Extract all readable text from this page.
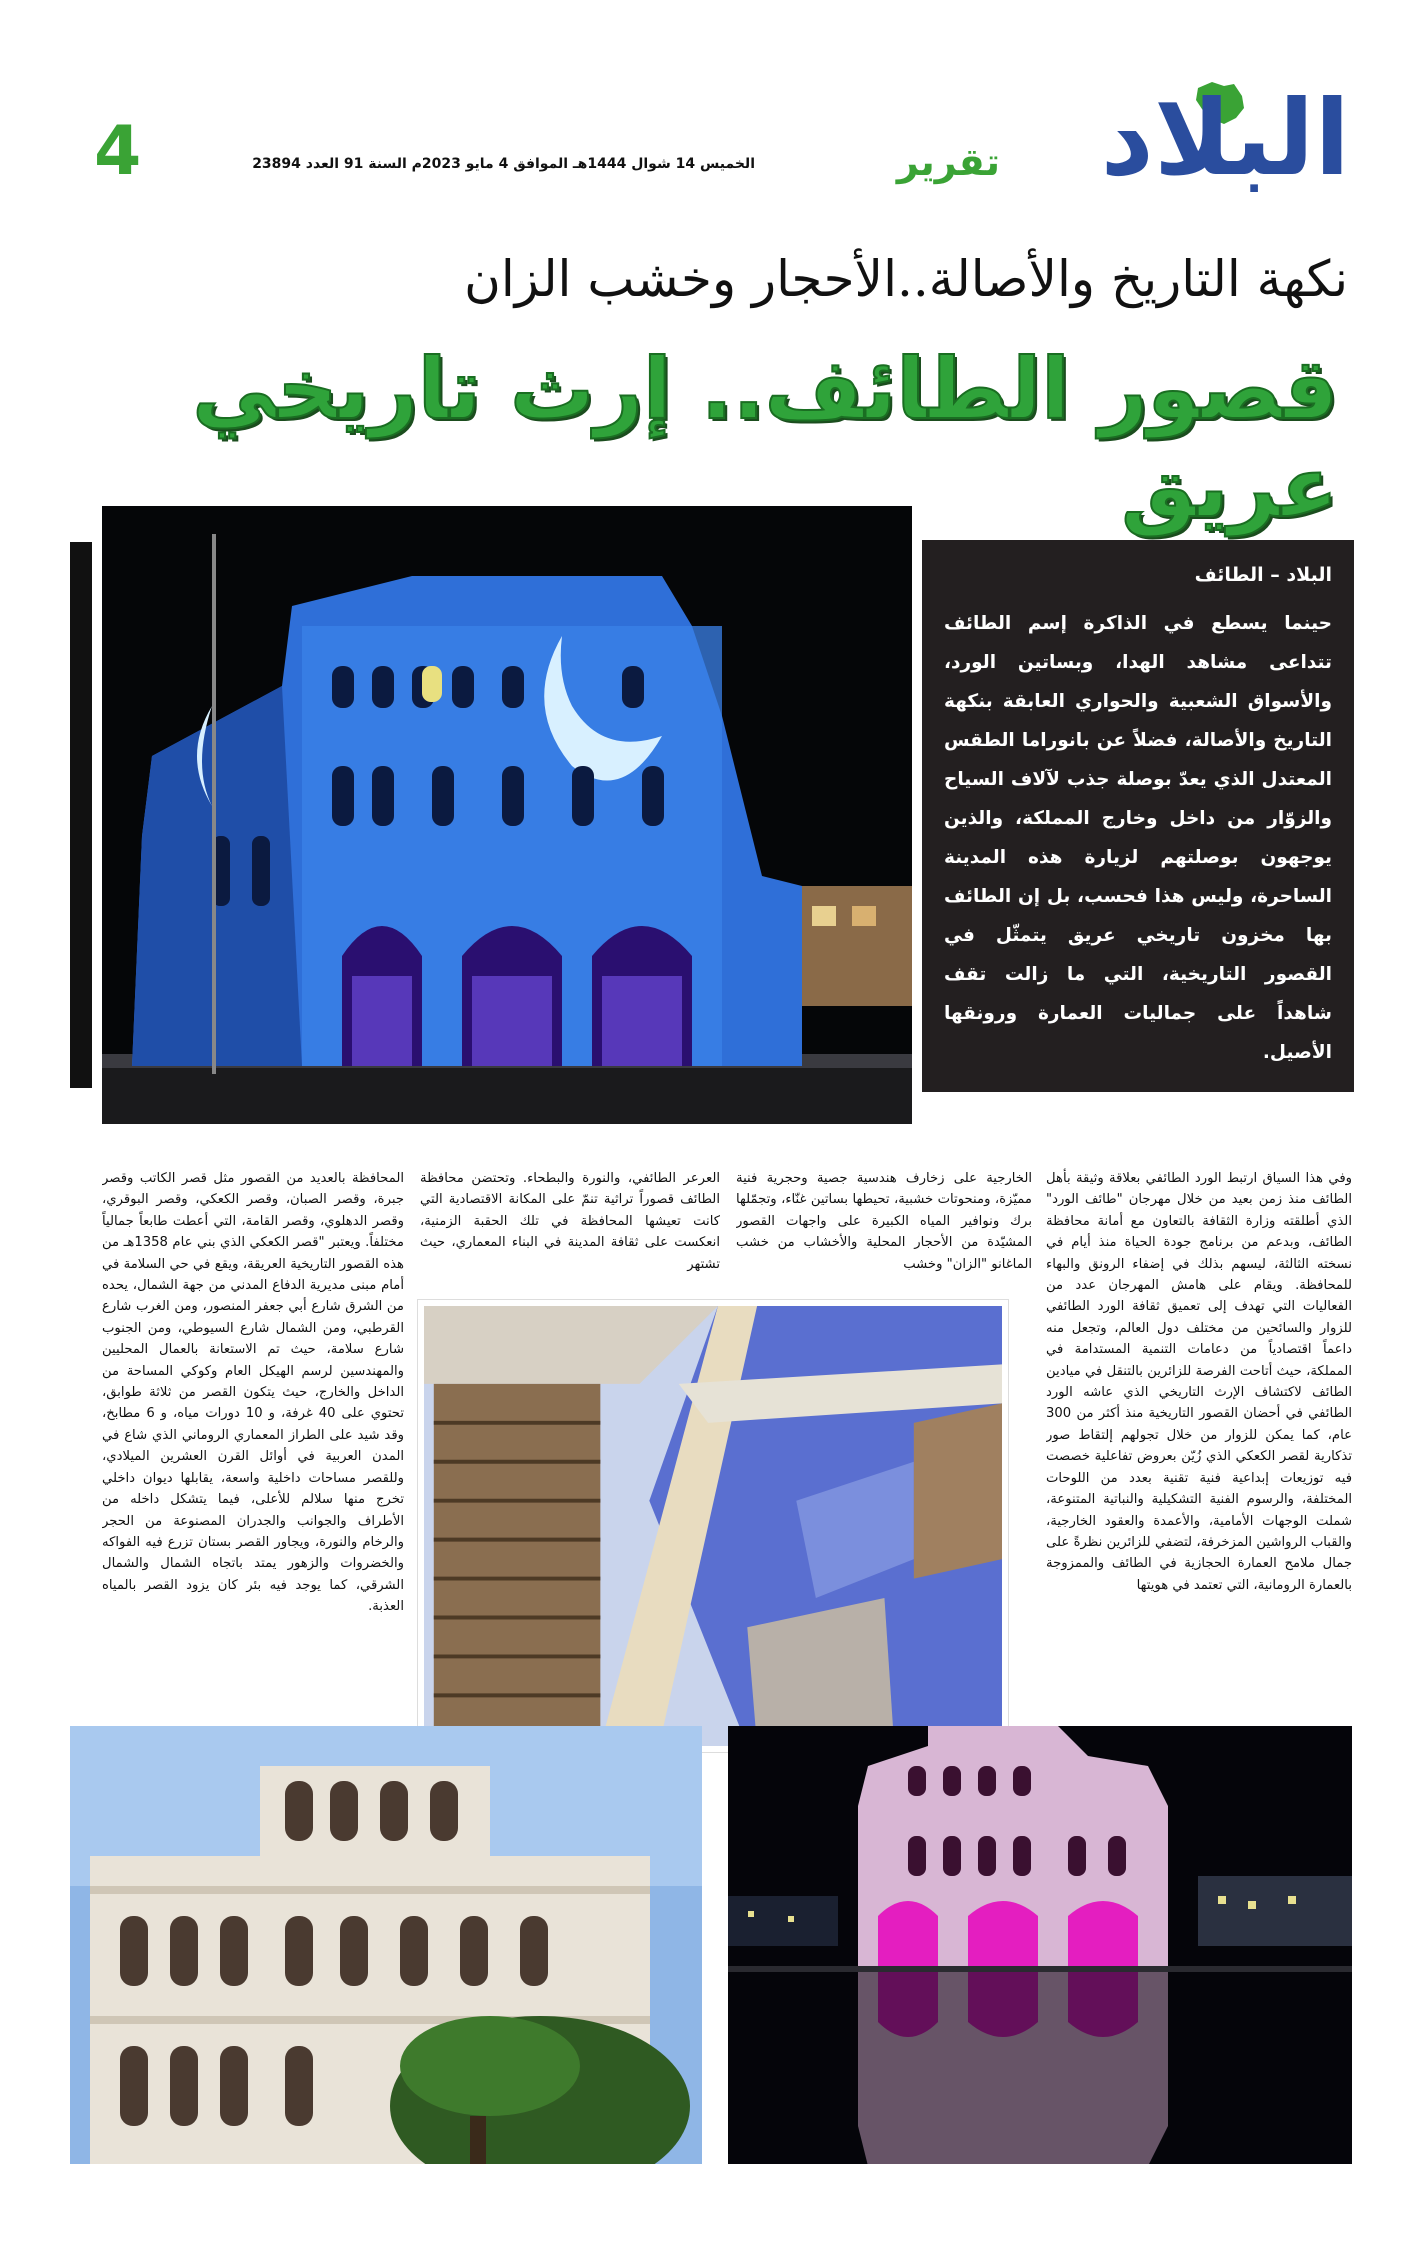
البلاد
تقرير
الخميس 14 شوال 1444هـ الموافق 4 مايو 2023م السنة 91 العدد 23894
4
نكهة التاريخ والأصالة..الأحجار وخشب الزان
قصور الطائف.. إرث تاريخي عريق
البلاد – الطائف
حينما يسطع في الذاكرة إسم الطائف تتداعى مشاهد الهدا، وبساتين الورد، والأسواق الشعبية والحواري العابقة بنكهة التاريخ والأصالة، فضلاً عن بانوراما الطقس المعتدل الذي يعدّ بوصلة جذب لآلاف السياح والزوّار من داخل وخارج المملكة، والذين يوجهون بوصلتهم لزيارة هذه المدينة الساحرة، وليس هذا فحسب، بل إن الطائف بها مخزون تاريخي عريق يتمثّل في القصور التاريخية، التي ما زالت تقف شاهداً على جماليات العمارة ورونقها الأصيل.
وفي هذا السياق ارتبط الورد الطائفي بعلاقة وثيقة بأهل الطائف منذ زمن بعيد من خلال مهرجان "طائف الورد" الذي أطلقته وزارة الثقافة بالتعاون مع أمانة محافظة الطائف، وبدعم من برنامج جودة الحياة منذ أيام في نسخته الثالثة، ليسهم بذلك في إضفاء الرونق والبهاء للمحافظة. ويقام على هامش المهرجان عدد من الفعاليات التي تهدف إلى تعميق ثقافة الورد الطائفي للزوار والسائحين من مختلف دول العالم، وتجعل منه داعماً اقتصادياً من دعامات التنمية المستدامة في المملكة، حيث أتاحت الفرصة للزائرين بالتنقل في ميادين الطائف لاكتشاف الإرث التاريخي الذي عاشه الورد الطائفي في أحضان القصور التاريخية منذ أكثر من 300 عام، كما يمكن للزوار من خلال تجولهم إلتقاط صور تذكارية لقصر الكعكي الذي زُيّن بعروض تفاعلية خصصت فيه توزيعات إبداعية فنية تقنية بعدد من اللوحات المختلفة، والرسوم الفنية التشكيلية والنباتية المتنوعة، شملت الوجهات الأمامية، والأعمدة والعقود الخارجية، والقباب الرواشين المزخرفة، لتضفي للزائرين نظرةً على جمال ملامح العمارة الحجازية في الطائف والممزوجة بالعمارة الرومانية، التي تعتمد في هويتها
الخارجية على زخارف هندسية جصية وحجرية فنية مميّزة، ومنحوتات خشبية، تحيطها بساتين غنّاء، وتجمّلها برك ونوافير المياه الكبيرة على واجهات القصور المشيّدة من الأحجار المحلية والأخشاب من خشب الماغانو "الزان" وخشب
العرعر الطائفي، والنورة والبطحاء. وتحتضن محافظة الطائف قصوراً تراثية تنمّ على المكانة الاقتصادية التي كانت تعيشها المحافظة في تلك الحقبة الزمنية، انعكست على ثقافة المدينة في البناء المعماري، حيث تشتهر
المحافظة بالعديد من القصور مثل قصر الكاتب وقصر جبرة، وقصر الصبان، وقصر الكعكي، وقصر البوقري، وقصر الدهلوي، وقصر القامة، التي أعطت طابعاً جمالياً مختلفاً. ويعتبر "قصر الكعكي الذي بني عام 1358هـ من هذه القصور التاريخية العريقة، ويقع في حي السلامة في أمام مبنى مديرية الدفاع المدني من جهة الشمال، يحده من الشرق شارع أبي جعفر المنصور، ومن الغرب شارع القرطبي، ومن الشمال شارع السيوطي، ومن الجنوب شارع سلامة، حيث تم الاستعانة بالعمال المحليين والمهندسين لرسم الهيكل العام وكوكي المساحة من الداخل والخارج، حيث يتكون القصر من ثلاثة طوابق، تحتوي على 40 غرفة، و 10 دورات مياه، و 6 مطابخ، وقد شيد على الطراز المعماري الروماني الذي شاع في المدن العربية في أوائل القرن العشرين الميلادي، وللقصر مساحات داخلية واسعة، يقابلها ديوان داخلي تخرج منها سلالم للأعلى، فيما يتشكل داخله من الأطراف والجوانب والجدران المصنوعة من الحجر والرخام والنورة، ويجاور القصر بستان تزرع فيه الفواكه والخضروات والزهور يمتد باتجاه الشمال والشمال الشرقي، كما يوجد فيه بئر كان يزود القصر بالمياه العذبة.
